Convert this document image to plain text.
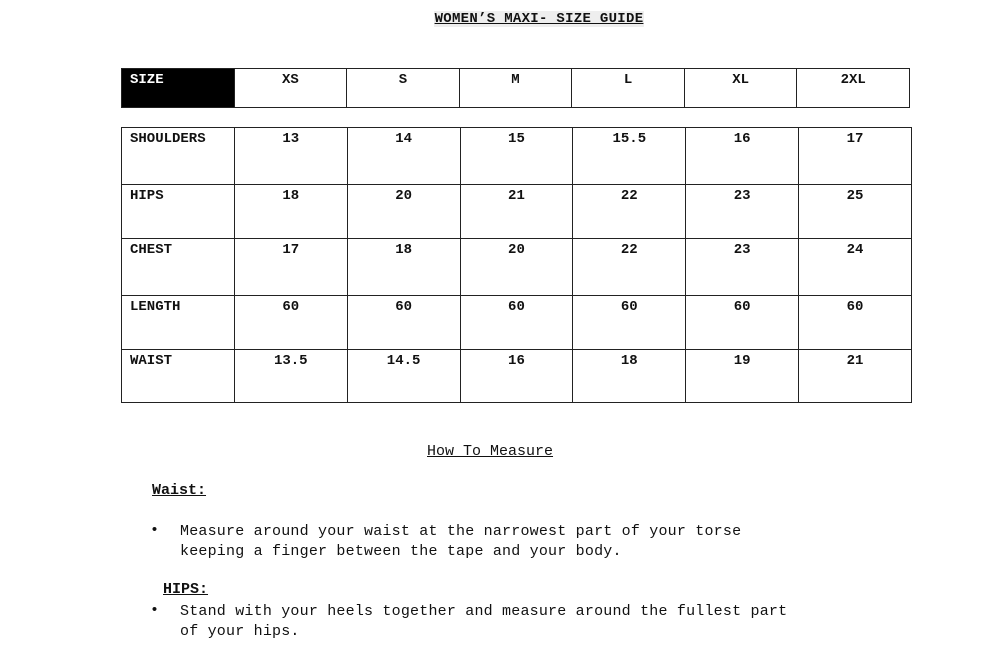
WOMEN’S MAXI- SIZE GUIDE
SIZE	XS	S	M	L	XL	2XL
SHOULDERS	13	14	15	15.5	16	17
HIPS	18	20	21	22	23	25
CHEST	17	18	20	22	23	24
LENGTH	60	60	60	60	60	60
WAIST	13.5	14.5	16	18	19	21
How To Measure
Waist:
• Measure around your waist at the narrowest part of your torse
keeping a finger between the tape and your body.
HIPS:
• Stand with your heels together and measure around the fullest part
of your hips.
